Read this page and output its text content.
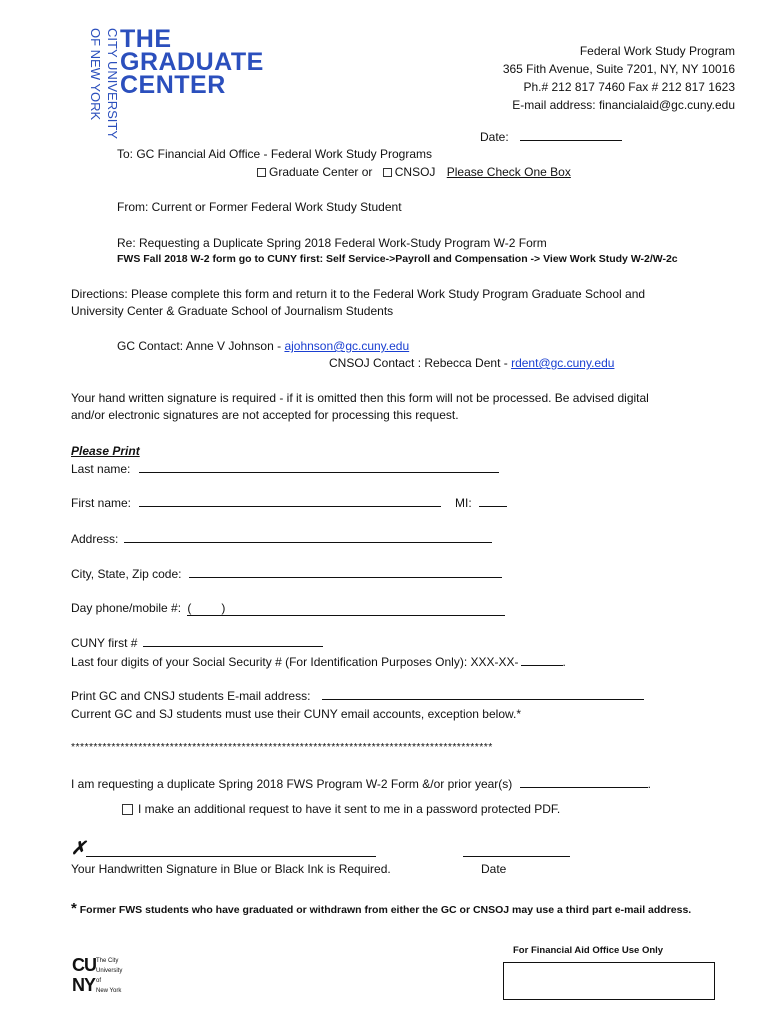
CITY UNIVERSITY
OF NEW YORK THE
GRADUATE
CENTER
Federal Work Study Program
365 Fith Avenue, Suite 7201, NY, NY 10016
Ph.# 212 817 7460 Fax # 212 817 1623
E-mail address: financialaid@gc.cuny.edu
Date:
To: GC Financial Aid Office - Federal Work Study Programs
Graduate Center or CNSOJ Please Check One Box
From: Current or Former Federal Work Study Student
Re: Requesting a Duplicate Spring 2018 Federal Work-Study Program W-2 Form
FWS Fall 2018 W-2 form go to CUNY first: Self Service->Payroll and Compensation -> View Work Study W-2/W-2c
Directions: Please complete this form and return it to the Federal Work Study Program Graduate School and
University Center & Graduate School of Journalism Students
GC Contact: Anne V Johnson - ajohnson@gc.cuny.edu
CNSOJ Contact : Rebecca Dent - rdent@gc.cuny.edu
Your hand written signature is required - if it is omitted then this form will not be processed. Be advised digital
and/or electronic signatures are not accepted for processing this request.
Please Print
Last name:
First name:	MI:
Address:
City, State, Zip code:
Day phone/mobile #: (	)
CUNY first #
Last four digits of your Social Security # (For Identification Purposes Only): XXX-XX-	.
Print GC and CNSJ students E-mail address:
Current GC and SJ students must use their CUNY email accounts, exception below.*
**********************************************************************************************
I am requesting a duplicate Spring 2018 FWS Program W-2 Form &/or prior year(s)	.
I make an additional request to have it sent to me in a password protected PDF.
✗
Your Handwritten Signature in Blue or Black Ink is Required.	Date
* Former FWS students who have graduated or withdrawn from either the GC or CNSOJ may use a third part e-mail address.
For Financial Aid Office Use Only
CU
NY
The City
University
of
New York
